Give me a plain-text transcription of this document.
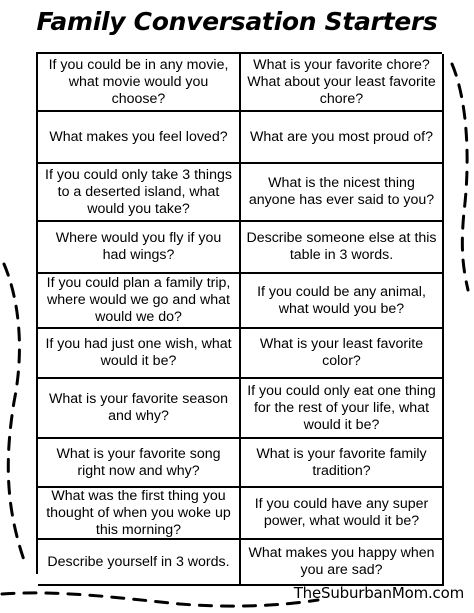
Family Conversation Starters
If you could be in any movie, what movie would you choose?
What is your favorite chore? What about your least favorite chore?
What makes you feel loved?	What are you most proud of?
If you could only take 3 things to a deserted island, what would you take?
What is the nicest thing anyone has ever said to you?
Where would you fly if you had wings?
Describe someone else at this table in 3 words.
If you could plan a family trip, where would we go and what would we do?
If you could be any animal, what would you be?
If you had just one wish, what would it be?
What is your least favorite color?
What is your favorite season and why?
If you could only eat one thing for the rest of your life, what would it be?
What is your favorite song right now and why?
What is your favorite family tradition?
What was the first thing you thought of when you woke up this morning?
If you could have any super power, what would it be?
Describe yourself in 3 words.
What makes you happy when you are sad?
TheSuburbanMom.com
